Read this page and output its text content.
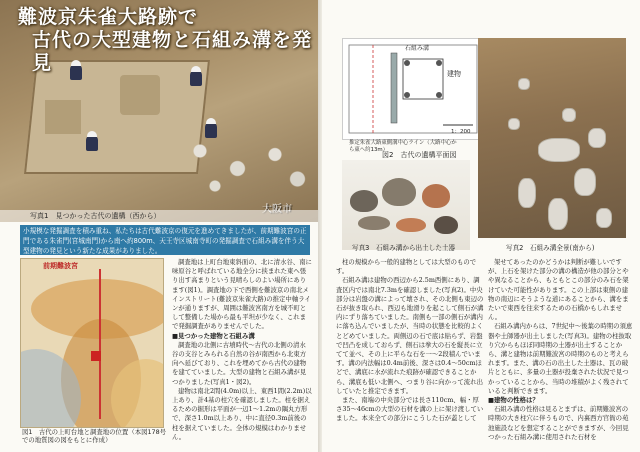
難波京朱雀大路跡で
古代の大型建物と石組み溝を発見
写真1　見つかった古代の遺構（西から）
小規模な発掘調査を積み重ね、私たちは古代難波京の復元を進めてきましたが、前期難波宮の正門である朱雀門(宮城南門)から南へ約800m、天王寺区城南寺町の発掘調査で石組み溝を伴う大型建物の発見という新たな成果がありました。
前期難波宮
図1　古代の上町台地と調査地の位置（本図178号での地質図の図をもとに作成）

調査地は上町台地東斜面の、北に清水谷、南に味原谷と呼ばれている地全分に挟まれた東へ張り出す高まりという見晴らしのよい場所にあります(図1)。調査地の下で西側を難波京の南北メインストリート(難波京朱雀大路)の推定中軸ラインが通りますが、周囲は難波宮南方を城不町として整備した場から最も平坦が少なく、これまで発掘調査がありませんでした。

■見つかった建物と石組み溝

調査地の北側に古墳時代～古代の北側の清水谷の支谷とみられる自然の谷が南西から北東方向へ延びており、これを埋めてから古代の建物を建てていました。大型の建物と石組み溝が見つかりました(写真1・図2)。

建物は南北2間(4.0m)以上、東西1間(2.2m)以上あり、計4基の柱穴を確認しました。柱を据えるための掘形は平面が一辺1～1.2mの隅丸方形で、深さ1.0m以上あり、中に直径0.3m前後の柱を据えていました。全体の規模はわかりません。

建物
石組み溝
推定朱雀大路東側溝中心ライン（大路中心から東へ約13m）
1：200
図2　古代の遺構平面図
写真3　石組み溝から出土した土器	写真2　石組み溝全景(南から)

柱の規模から一般的建物としては大型のものです。

石組み溝は建物の西辺から2.5m西側にあり、調査区内では南北7.3mを確認しました(写真2)。中央部分は岩盤の溝によって壊され、その北側も東辺の石が抜き取られ、西辺も地滑りを起こして側石が溝内にずり落ちていました。南側も一部の側石が溝内に落ち込んでいましたが、当時の状態を比較的よくとどめていました。両側辺の石で底は貼らず、岩盤で凹凸を成しておらず、側石は拳大の石を縦長に立てて並べ、その上に平らな石を一〜2段積んでいます。溝の内法幅は0.4m前後、深さは0.4〜50cmほどで、溝底に水が流れた痕跡が確認できることから、溝底も低い北側へ、つまり谷に向かって流れ出していたと推定できます。

また、南端の中央部分では長さ110cm、幅・厚さ35～46cmの大型の石材を溝の上に架け渡していました。本来全ての部分にこうした石が蓋として

架せてあったのかどうかは判断が難しいですが、上石を架けた部分の溝の構造が他の部分とやや異なることから、もともとこの部分のみ石を架けていた可能性があります。この上部は東側の建物の南辺にそうような道にあることから、溝をまたいで東西を往来するための石橋かもしれません。

石組み溝内からは、7世紀中～後葉の時期の須恵器や土師器が出土しました(写真3)。建物の柱抜取り穴からもほぼ同時期の土器が出土することから、溝と建物は前期難波宮の時期のものと考えられます。また、溝の石の出土した土器は、瓦の破片とともに、多量の土器が投棄された状況で見つかっていることから、当時の堆積がよく残されていると判断できます。

■建物の性格は？

石組み溝の性格は見るとまずは、前期難波宮の時期の大き柱穴に伴うもので、内裏西方官衙の苑池施設などを想定することができますが、今回見つかった石組み溝に使用された石材を
